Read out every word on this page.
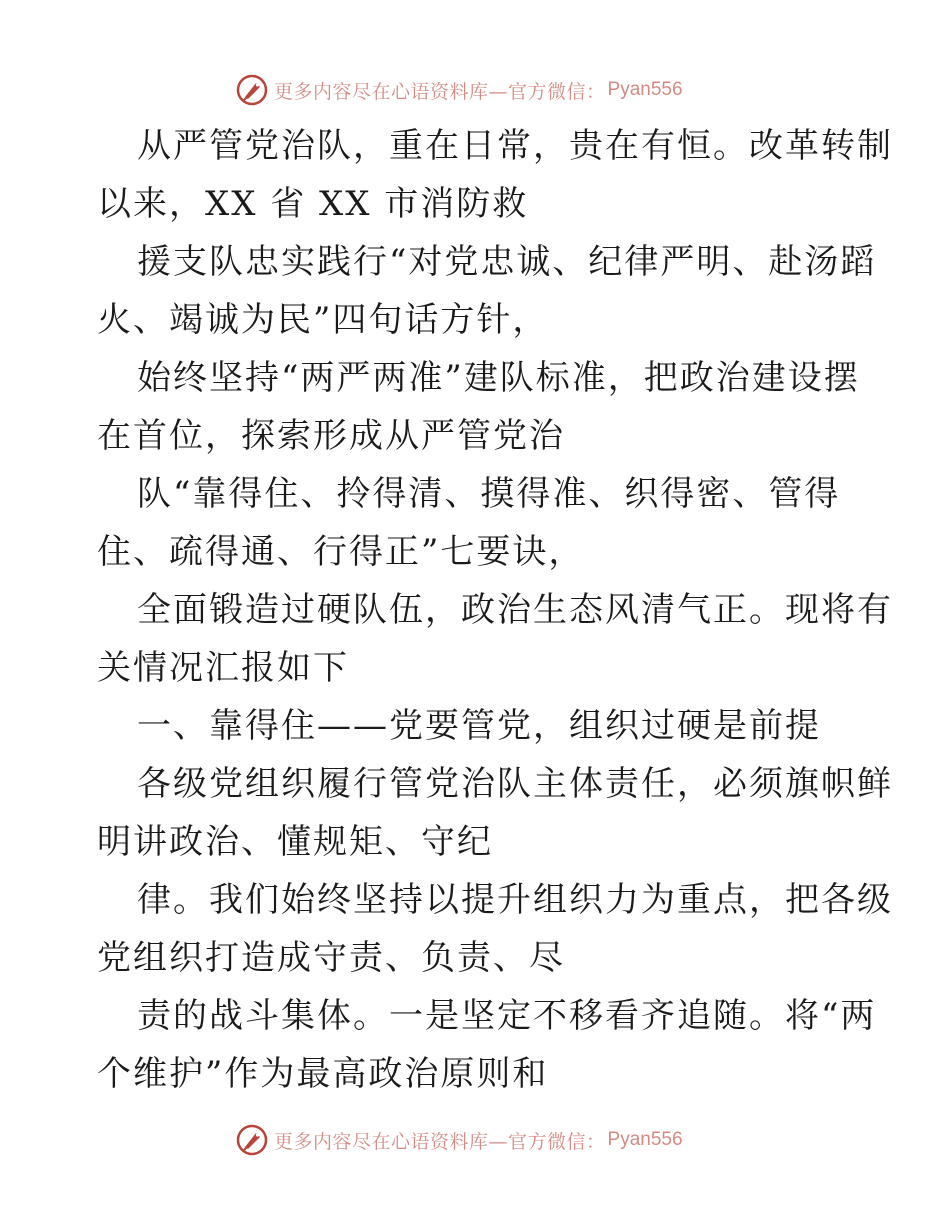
更多内容尽在心语资料库—官方微信： Pyan556
从严管党治队，重在日常，贵在有恒。改革转制
以来，XX 省 XX 市消防救
援支队忠实践行“对党忠诚、纪律严明、赴汤蹈
火、竭诚为民”四句话方针，
始终坚持“两严两准”建队标准，把政治建设摆
在首位，探索形成从严管党治
队“靠得住、拎得清、摸得准、织得密、管得
住、疏得通、行得正”七要诀，
全面锻造过硬队伍，政治生态风清气正。现将有
关情况汇报如下
一、靠得住——党要管党，组织过硬是前提
各级党组织履行管党治队主体责任，必须旗帜鲜
明讲政治、懂规矩、守纪
律。我们始终坚持以提升组织力为重点，把各级
党组织打造成守责、负责、尽
责的战斗集体。一是坚定不移看齐追随。将“两
个维护”作为最高政治原则和
更多内容尽在心语资料库—官方微信： Pyan556
